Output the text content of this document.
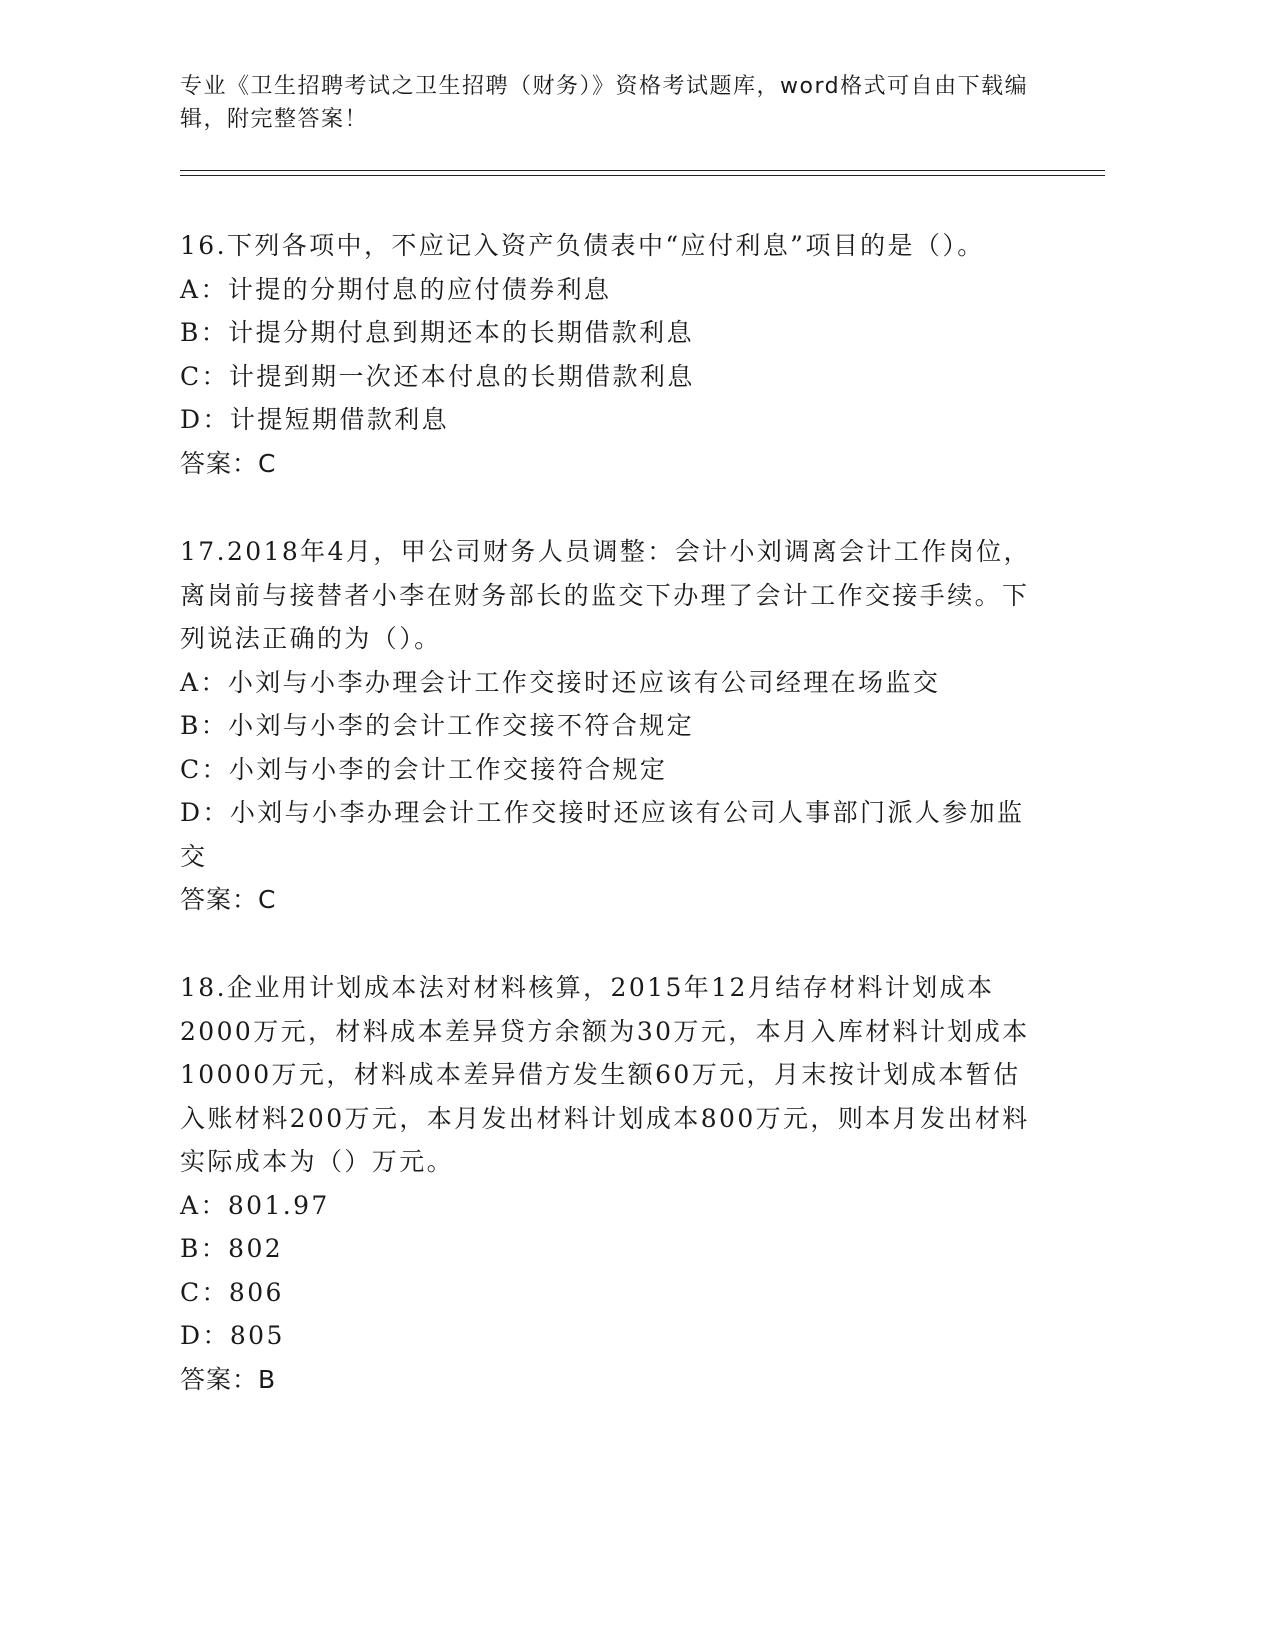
专业《卫生招聘考试之卫生招聘（财务）》资格考试题库，word格式可自由下载编辑，附完整答案！
16.下列各项中，不应记入资产负债表中“应付利息”项目的是（）。
A：计提的分期付息的应付债券利息
B：计提分期付息到期还本的长期借款利息
C：计提到期一次还本付息的长期借款利息
D：计提短期借款利息
答案：C
17.2018年4月，甲公司财务人员调整：会计小刘调离会计工作岗位，离岗前与接替者小李在财务部长的监交下办理了会计工作交接手续。下列说法正确的为（）。
A：小刘与小李办理会计工作交接时还应该有公司经理在场监交
B：小刘与小李的会计工作交接不符合规定
C：小刘与小李的会计工作交接符合规定
D：小刘与小李办理会计工作交接时还应该有公司人事部门派人参加监交
答案：C
18.企业用计划成本法对材料核算，2015年12月结存材料计划成本2000万元，材料成本差异贷方余额为30万元，本月入库材料计划成本10000万元，材料成本差异借方发生额60万元，月末按计划成本暂估入账材料200万元，本月发出材料计划成本800万元，则本月发出材料实际成本为（）万元。
A：801.97
B：802
C：806
D：805
答案：B
